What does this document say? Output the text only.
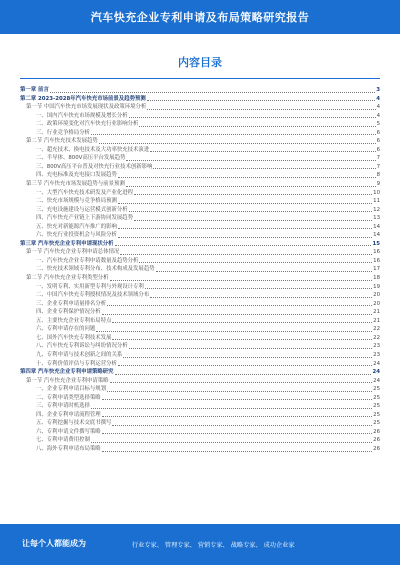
汽车快充企业专利申请及布局策略研究报告
内容目录
第一章 前言	3
第二章 2023-2028年汽车快充市场前景及趋势预测	4
第一节 中国汽车快充市场发展现状及政策环境分析	4
一、国内汽车快充市场规模及增长分析	4
二、政策环境变化对汽车快充行业影响分析	5
三、行业竞争格局分析	6
第二节 汽车快充技术发展趋势	6
一、超充技术、换电技术及大功率快充技术演进	6
二、半导体、800V高压平台发展趋势	7
三、800V高压平台普及对快充行业技术创新影响	7
四、充电标准及充电接口发展趋势	8
第三节 汽车快充市场发展趋势与前景预测	9
一、大型汽车快充技术研发及产业化进程	10
二、快充市场规模与竞争格局预测	11
三、充电设施建设与运营模式创新分析	12
四、汽车快充产业链上下游协同发展趋势	13
五、快充对新能源汽车推广的影响	14
六、快充行业投资机会与风险分析	14
第三章 汽车快充企业专利申请现状分析	15
第一节 汽车快充企业专利申请总体情况	16
一、汽车快充企业专利申请数量及趋势分析	16
二、快充技术领域专利分布、技术构成及发展趋势	17
第二节 汽车快充企业专利类型分析	18
一、发明专利、实用新型专利与外观设计专利	19
二、中国汽车快充专利授权情况及技术领域分布	20
三、企业专利申请量排名分析	20
四、企业专利保护情况分析	21
五、主要快充企业专利布局特点	21
六、专利申请存在的问题	22
七、国外汽车快充专利技术发展	22
八、汽车快充专利诉讼与纠纷情况分析	23
九、专利申请与技术创新之间的关系	23
十、专利价值评估与专利运营分析	24
第四章 汽车快充企业专利申请策略研究	24
第一节 汽车快充企业专利申请策略	24
一、企业专利申请目标与规划	25
二、专利申请类型选择策略	25
三、专利申请时机选择	25
四、企业专利申请流程管理	25
五、专利挖掘与技术交底书撰写	25
六、专利申请文件撰写策略	26
七、专利申请费用控制	26
八、海外专利申请布局策略	26
让每个人都能成为	行业专家、 管理专家、 营销专家、 战略专家、 成功企业家
